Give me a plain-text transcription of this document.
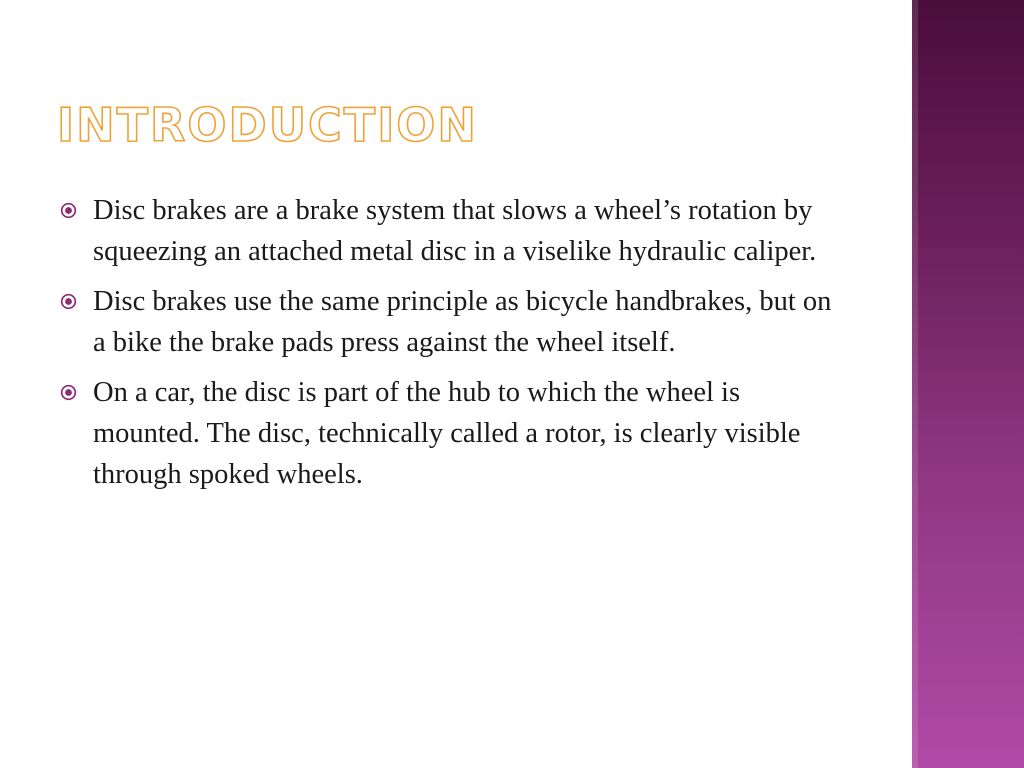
INTRODUCTION
Disc brakes are a brake system that slows a wheel’s rotation by squeezing an attached metal disc in a viselike hydraulic caliper.
Disc brakes use the same principle as bicycle handbrakes, but on a bike the brake pads press against the wheel itself.
On a car, the disc is part of the hub to which the wheel is mounted. The disc, technically called a rotor, is clearly visible through spoked wheels.
